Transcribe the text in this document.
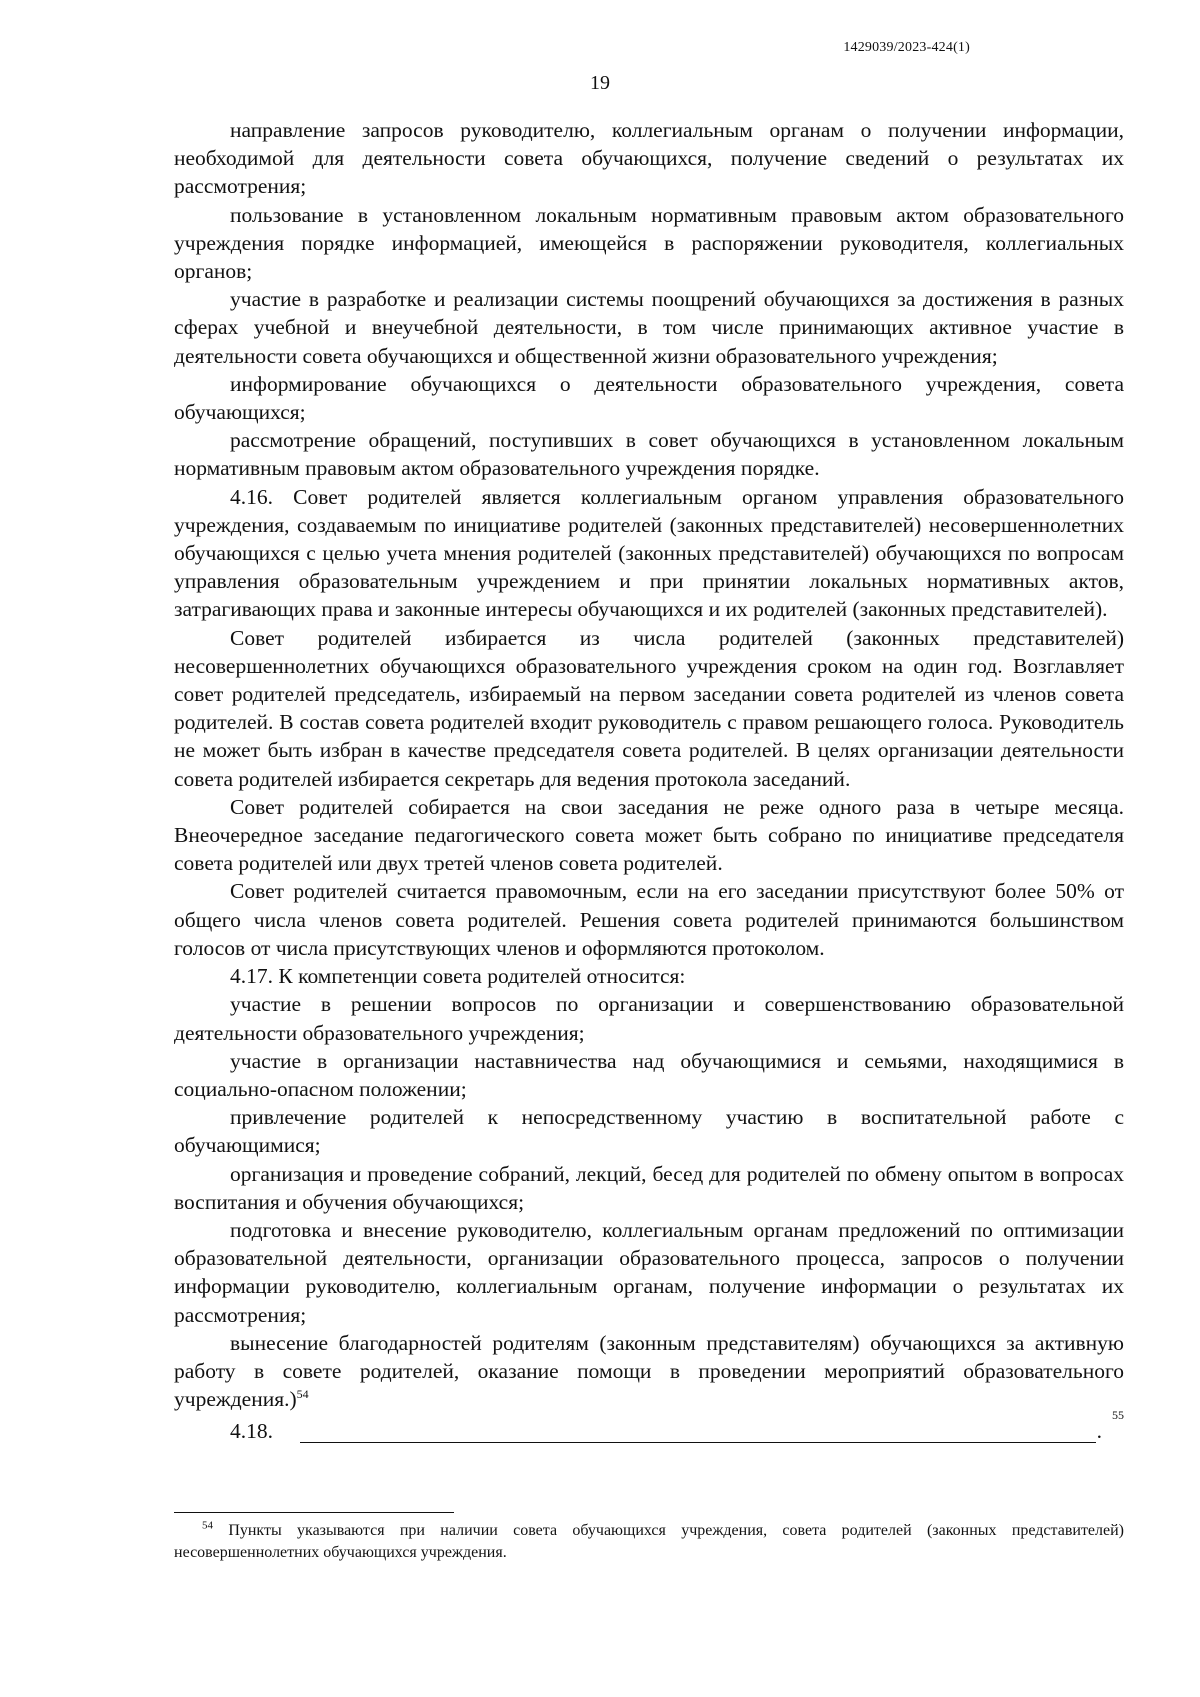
1429039/2023-424(1)
19

направление запросов руководителю, коллегиальным органам о получении информации, необходимой для деятельности совета обучающихся, получение сведений о результатах их рассмотрения;

пользование в установленном локальным нормативным правовым актом образовательного учреждения порядке информацией, имеющейся в распоряжении руководителя, коллегиальных органов;

участие в разработке и реализации системы поощрений обучающихся за достижения в разных сферах учебной и внеучебной деятельности, в том числе принимающих активное участие в деятельности совета обучающихся и общественной жизни образовательного учреждения;

информирование обучающихся о деятельности образовательного учреждения, совета обучающихся;

рассмотрение обращений, поступивших в совет обучающихся в установленном локальным нормативным правовым актом образовательного учреждения порядке.

4.16. Совет родителей является коллегиальным органом управления образовательного учреждения, создаваемым по инициативе родителей (законных представителей) несовершеннолетних обучающихся с целью учета мнения родителей (законных представителей) обучающихся по вопросам управления образовательным учреждением и при принятии локальных нормативных актов, затрагивающих права и законные интересы обучающихся и их родителей (законных представителей).

Совет родителей избирается из числа родителей (законных представителей) несовершеннолетних обучающихся образовательного учреждения сроком на один год. Возглавляет совет родителей председатель, избираемый на первом заседании совета родителей из членов совета родителей. В состав совета родителей входит руководитель с правом решающего голоса. Руководитель не может быть избран в качестве председателя совета родителей. В целях организации деятельности совета родителей избирается секретарь для ведения протокола заседаний.

Совет родителей собирается на свои заседания не реже одного раза в четыре месяца. Внеочередное заседание педагогического совета может быть собрано по инициативе председателя совета родителей или двух третей членов совета родителей.

Совет родителей считается правомочным, если на его заседании присутствуют более 50% от общего числа членов совета родителей. Решения совета родителей принимаются большинством голосов от числа присутствующих членов и оформляются протоколом.

4.17. К компетенции совета родителей относится:

участие в решении вопросов по организации и совершенствованию образовательной деятельности образовательного учреждения;

участие в организации наставничества над обучающимися и семьями, находящимися в социально-опасном положении;

привлечение родителей к непосредственному участию в воспитательной работе с обучающимися;

организация и проведение собраний, лекций, бесед для родителей по обмену опытом в вопросах воспитания и обучения обучающихся;

подготовка и внесение руководителю, коллегиальным органам предложений по оптимизации образовательной деятельности, организации образовательного процесса, запросов о получении информации руководителю, коллегиальным органам, получение информации о результатах их рассмотрения;

вынесение благодарностей родителям (законным представителям) обучающихся за активную работу в совете родителей, оказание помощи в проведении мероприятий образовательного учреждения.)$^{54}$

4.18.	.
55
$^{54}$ Пункты указываются при наличии совета обучающихся учреждения, совета родителей (законных представителей) несовершеннолетних обучающихся учреждения.
